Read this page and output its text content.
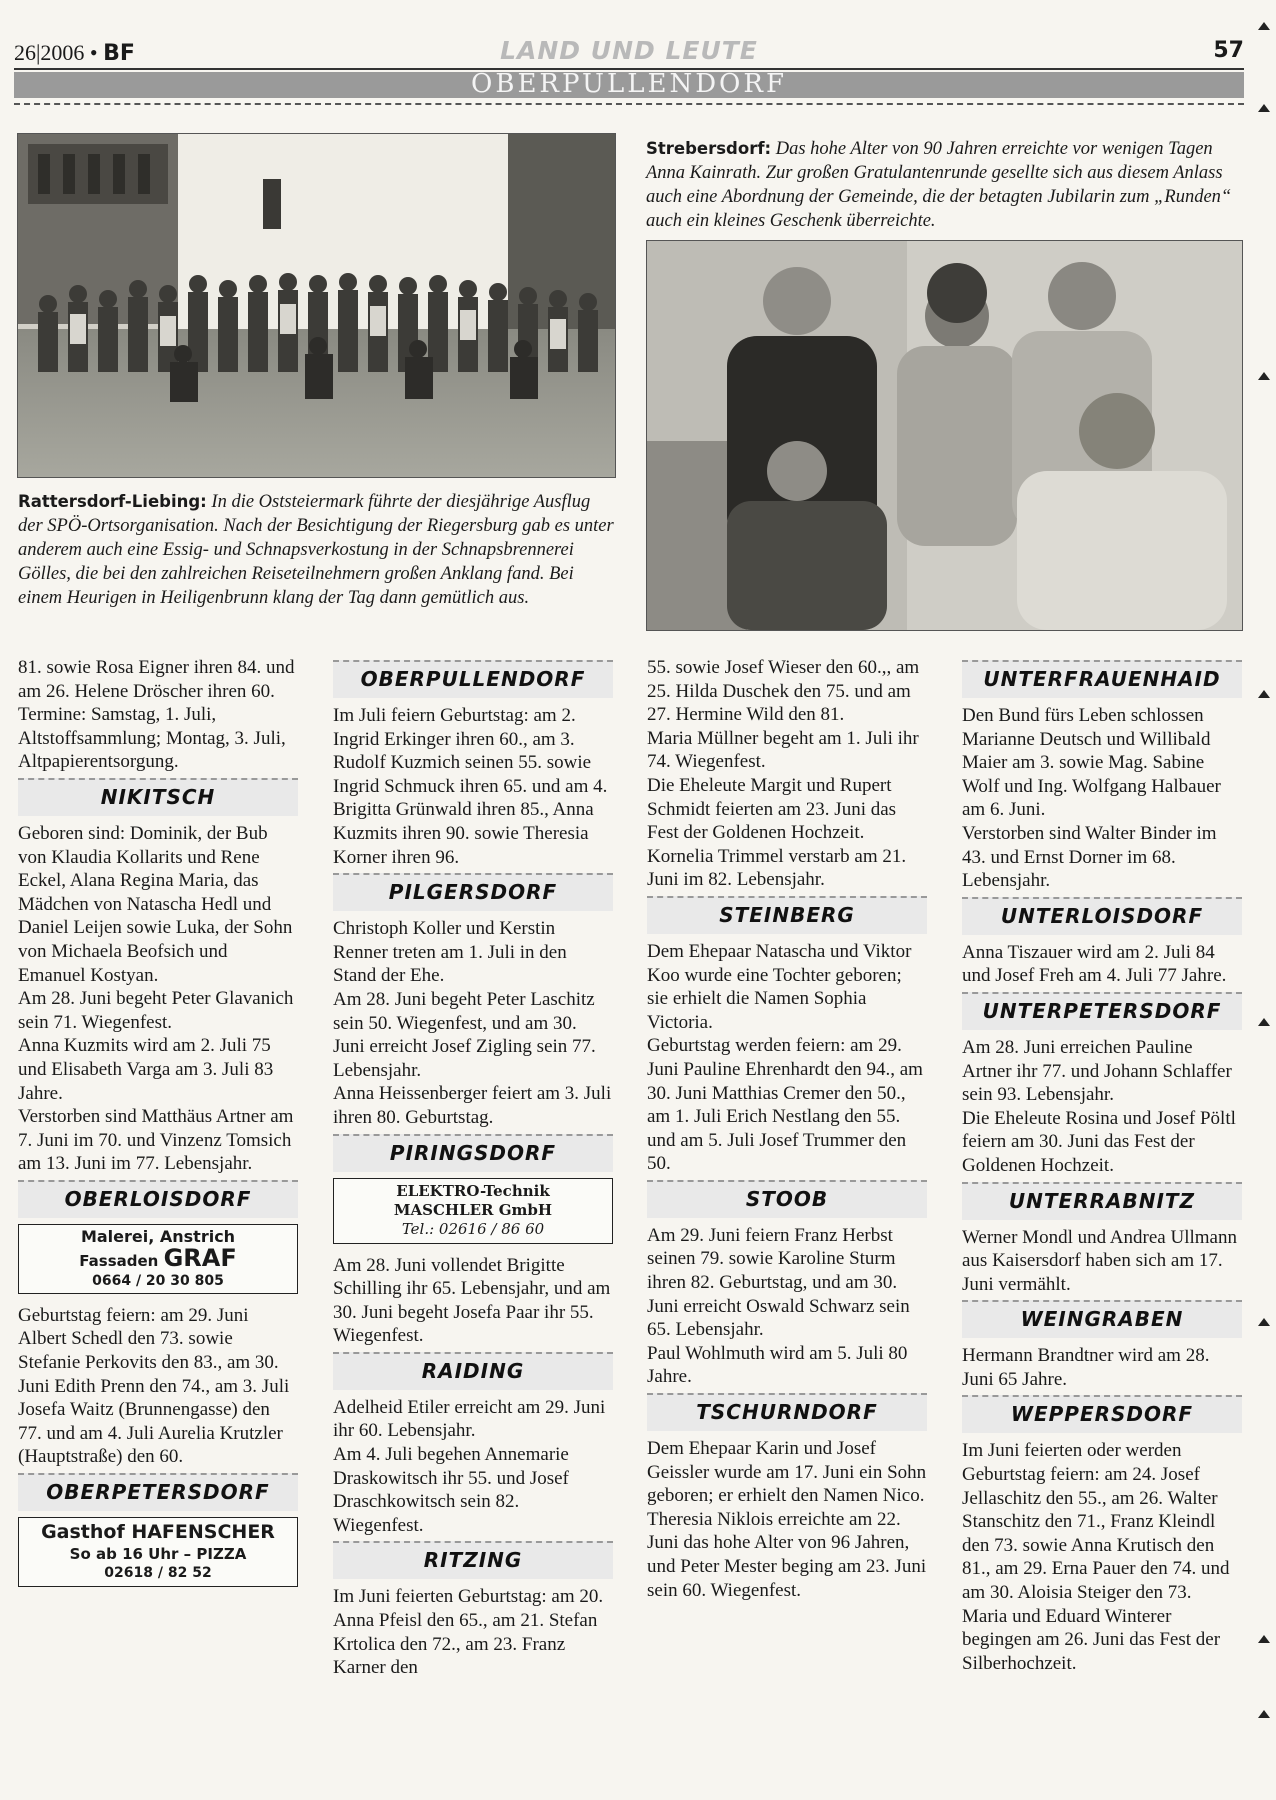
26|2006 • BF	LAND UND LEUTE	57
OBERPULLENDORF
Rattersdorf-Liebing: In die Oststeiermark führte der diesjährige Ausflug der SPÖ-Ortsorganisation. Nach der Besichtigung der Riegersburg gab es unter anderem auch eine Essig- und Schnapsverkostung in der Schnapsbrennerei Gölles, die bei den zahlreichen Reiseteilnehmern großen Anklang fand. Bei einem Heurigen in Heiligenbrunn klang der Tag dann gemütlich aus.
Strebersdorf: Das hohe Alter von 90 Jahren erreichte vor wenigen Tagen Anna Kainrath. Zur großen Gratulantenrunde gesellte sich aus diesem Anlass auch eine Abordnung der Gemeinde, die der betagten Jubilarin zum „Runden“ auch ein kleines Geschenk überreichte.

81. sowie Rosa Eigner ihren 84. und am 26. Helene Dröscher ihren 60.

Termine: Samstag, 1. Juli, Altstoffsammlung; Montag, 3. Juli, Altpapierentsorgung.

NIKITSCH

Geboren sind: Dominik, der Bub von Klaudia Kollarits und Rene Eckel, Alana Regina Maria, das Mädchen von Natascha Hedl und Daniel Leijen sowie Luka, der Sohn von Michaela Beofsich und Emanuel Kostyan.

Am 28. Juni begeht Peter Glavanich sein 71. Wiegenfest.

Anna Kuzmits wird am 2. Juli 75 und Elisabeth Varga am 3. Juli 83 Jahre.

Verstorben sind Matthäus Artner am 7. Juni im 70. und Vinzenz Tomsich am 13. Juni im 77. Lebensjahr.

OBERLOISDORF
Malerei, Anstrich
Fassaden GRAF
0664 / 20 30 805

Geburtstag feiern: am 29. Juni Albert Schedl den 73. sowie Stefanie Perkovits den 83., am 30. Juni Edith Prenn den 74., am 3. Juli Josefa Waitz (Brunnengasse) den 77. und am 4. Juli Aurelia Krutzler (Hauptstraße) den 60.

OBERPETERSDORF
Gasthof HAFENSCHER
So ab 16 Uhr – PIZZA
02618 / 82 52
OBERPULLENDORF

Im Juli feiern Geburtstag: am 2. Ingrid Erkinger ihren 60., am 3. Rudolf Kuzmich seinen 55. sowie Ingrid Schmuck ihren 65. und am 4. Brigitta Grünwald ihren 85., Anna Kuzmits ihren 90. sowie Theresia Korner ihren 96.

PILGERSDORF

Christoph Koller und Kerstin Renner treten am 1. Juli in den Stand der Ehe.

Am 28. Juni begeht Peter Laschitz sein 50. Wiegenfest, und am 30. Juni erreicht Josef Zigling sein 77. Lebensjahr.

Anna Heissenberger feiert am 3. Juli ihren 80. Geburtstag.

PIRINGSDORF
ELEKTRO-Technik
MASCHLER GmbH
Tel.: 02616 / 86 60

Am 28. Juni vollendet Brigitte Schilling ihr 65. Lebensjahr, und am 30. Juni begeht Josefa Paar ihr 55. Wiegenfest.

RAIDING

Adelheid Etiler erreicht am 29. Juni ihr 60. Lebensjahr.

Am 4. Juli begehen Annemarie Draskowitsch ihr 55. und Josef Draschkowitsch sein 82. Wiegenfest.

RITZING

Im Juni feierten Geburtstag: am 20. Anna Pfeisl den 65., am 21. Stefan Krtolica den 72., am 23. Franz Karner den

55. sowie Josef Wieser den 60.,, am 25. Hilda Duschek den 75. und am 27. Hermine Wild den 81.

Maria Müllner begeht am 1. Juli ihr 74. Wiegenfest.

Die Eheleute Margit und Rupert Schmidt feierten am 23. Juni das Fest der Goldenen Hochzeit.

Kornelia Trimmel verstarb am 21. Juni im 82. Lebensjahr.

STEINBERG

Dem Ehepaar Natascha und Viktor Koo wurde eine Tochter geboren; sie erhielt die Namen Sophia Victoria.

Geburtstag werden feiern: am 29. Juni Pauline Ehrenhardt den 94., am 30. Juni Matthias Cremer den 50., am 1. Juli Erich Nestlang den 55. und am 5. Juli Josef Trummer den 50.

STOOB

Am 29. Juni feiern Franz Herbst seinen 79. sowie Karoline Sturm ihren 82. Geburtstag, und am 30. Juni erreicht Oswald Schwarz sein 65. Lebensjahr.

Paul Wohlmuth wird am 5. Juli 80 Jahre.

TSCHURNDORF

Dem Ehepaar Karin und Josef Geissler wurde am 17. Juni ein Sohn geboren; er erhielt den Namen Nico.

Theresia Niklois erreichte am 22. Juni das hohe Alter von 96 Jahren, und Peter Mester beging am 23. Juni sein 60. Wiegenfest.

UNTERFRAUENHAID

Den Bund fürs Leben schlossen Marianne Deutsch und Willibald Maier am 3. sowie Mag. Sabine Wolf und Ing. Wolfgang Halbauer am 6. Juni.

Verstorben sind Walter Binder im 43. und Ernst Dorner im 68. Lebensjahr.

UNTERLOISDORF

Anna Tiszauer wird am 2. Juli 84 und Josef Freh am 4. Juli 77 Jahre.

UNTERPETERSDORF

Am 28. Juni erreichen Pauline Artner ihr 77. und Johann Schlaffer sein 93. Lebensjahr.

Die Eheleute Rosina und Josef Pöltl feiern am 30. Juni das Fest der Goldenen Hochzeit.

UNTERRABNITZ

Werner Mondl und Andrea Ullmann aus Kaisersdorf haben sich am 17. Juni vermählt.

WEINGRABEN

Hermann Brandtner wird am 28. Juni 65 Jahre.

WEPPERSDORF

Im Juni feierten oder werden Geburtstag feiern: am 24. Josef Jellaschitz den 55., am 26. Walter Stanschitz den 71., Franz Kleindl den 73. sowie Anna Krutisch den 81., am 29. Erna Pauer den 74. und am 30. Aloisia Steiger den 73.

Maria und Eduard Winterer begingen am 26. Juni das Fest der Silberhochzeit.
